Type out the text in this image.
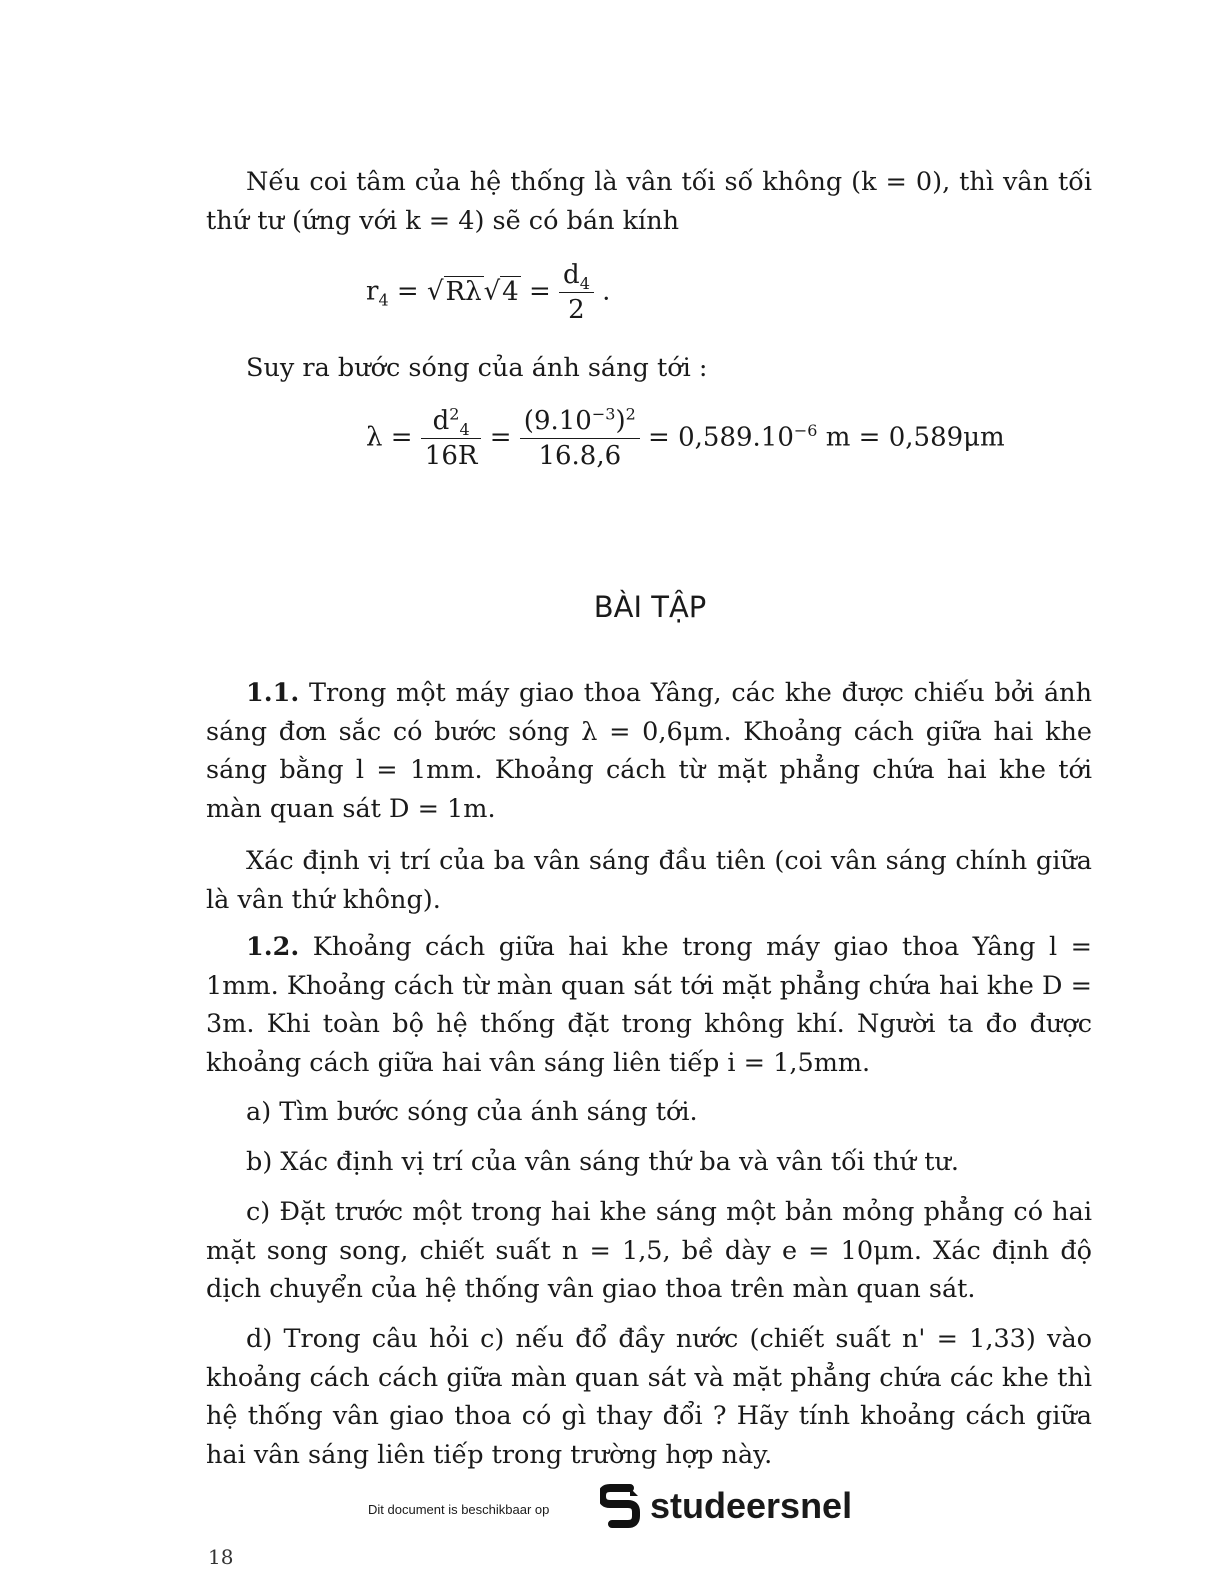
Nếu coi tâm của hệ thống là vân tối số không (k = 0), thì vân tối thứ tư (ứng với k = 4) sẽ có bán kính

$r_4 = √R\lambda√4 = \frac{d_4}{2}$ .

Suy ra bước sóng của ánh sáng tới :

$\lambda = \frac{d^2_4}{16R} = \frac{(9.10^{-3})^2}{16.8,6} = 0,589.10^{-6}$ m = 0,589μm
BÀI TẬP
1.1. Trong một máy giao thoa Yâng, các khe được chiếu bởi ánh sáng đơn sắc có bước sóng λ = 0,6μm. Khoảng cách giữa hai khe sáng bằng l = 1mm. Khoảng cách từ mặt phẳng chứa hai khe tới màn quan sát D = 1m.

Xác định vị trí của ba vân sáng đầu tiên (coi vân sáng chính giữa là vân thứ không).

1.2. Khoảng cách giữa hai khe trong máy giao thoa Yâng l = 1mm. Khoảng cách từ màn quan sát tới mặt phẳng chứa hai khe D = 3m. Khi toàn bộ hệ thống đặt trong không khí. Người ta đo được khoảng cách giữa hai vân sáng liên tiếp i = 1,5mm.

a) Tìm bước sóng của ánh sáng tới.

b) Xác định vị trí của vân sáng thứ ba và vân tối thứ tư.

c) Đặt trước một trong hai khe sáng một bản mỏng phẳng có hai mặt song song, chiết suất n = 1,5, bề dày e = 10μm. Xác định độ dịch chuyển của hệ thống vân giao thoa trên màn quan sát.

d) Trong câu hỏi c) nếu đổ đầy nước (chiết suất n' = 1,33) vào khoảng cách cách giữa màn quan sát và mặt phẳng chứa các khe thì hệ thống vân giao thoa có gì thay đổi ? Hãy tính khoảng cách giữa hai vân sáng liên tiếp trong trường hợp này.

Dit document is beschikbaar op	studeersnel
18
